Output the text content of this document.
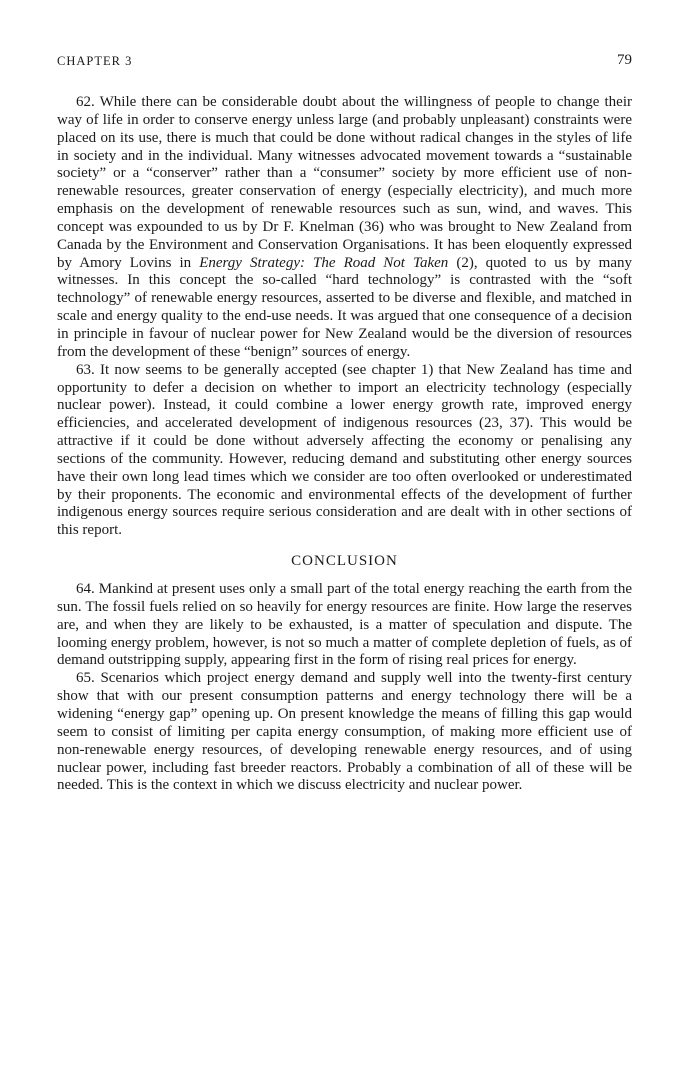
CHAPTER 3	79

62. While there can be considerable doubt about the willingness of people to change their way of life in order to conserve energy unless large (and probably unpleasant) constraints were placed on its use, there is much that could be done without radical changes in the styles of life in society and in the individual. Many witnesses advocated movement towards a “sustainable society” or a “conserver” rather than a “consumer” society by more efficient use of non-renewable resources, greater conservation of energy (especially electricity), and much more emphasis on the development of renewable resources such as sun, wind, and waves. This concept was expounded to us by Dr F. Knelman (36) who was brought to New Zealand from Canada by the Environment and Conservation Organisations. It has been eloquently expressed by Amory Lovins in Energy Strategy: The Road Not Taken (2), quoted to us by many witnesses. In this concept the so-called “hard technology” is contrasted with the “soft technology” of renewable energy resources, asserted to be diverse and flexible, and matched in scale and energy quality to the end-use needs. It was argued that one consequence of a decision in principle in favour of nuclear power for New Zealand would be the diversion of resources from the development of these “benign” sources of energy.

63. It now seems to be generally accepted (see chapter 1) that New Zealand has time and opportunity to defer a decision on whether to import an electricity technology (especially nuclear power). Instead, it could combine a lower energy growth rate, improved energy efficiencies, and accelerated development of indigenous resources (23, 37). This would be attractive if it could be done without adversely affecting the economy or penalising any sections of the community. However, reducing demand and substituting other energy sources have their own long lead times which we consider are too often overlooked or underestimated by their proponents. The economic and environmental effects of the development of further indigenous energy sources require serious consideration and are dealt with in other sections of this report.

CONCLUSION

64. Mankind at present uses only a small part of the total energy reaching the earth from the sun. The fossil fuels relied on so heavily for energy resources are finite. How large the reserves are, and when they are likely to be exhausted, is a matter of speculation and dispute. The looming energy problem, however, is not so much a matter of complete depletion of fuels, as of demand outstripping supply, appearing first in the form of rising real prices for energy.

65. Scenarios which project energy demand and supply well into the twenty-first century show that with our present consumption patterns and energy technology there will be a widening “energy gap” opening up. On present knowledge the means of filling this gap would seem to consist of limiting per capita energy consumption, of making more efficient use of non-renewable energy resources, of developing renewable energy resources, and of using nuclear power, including fast breeder reactors. Probably a combination of all of these will be needed. This is the context in which we discuss electricity and nuclear power.
